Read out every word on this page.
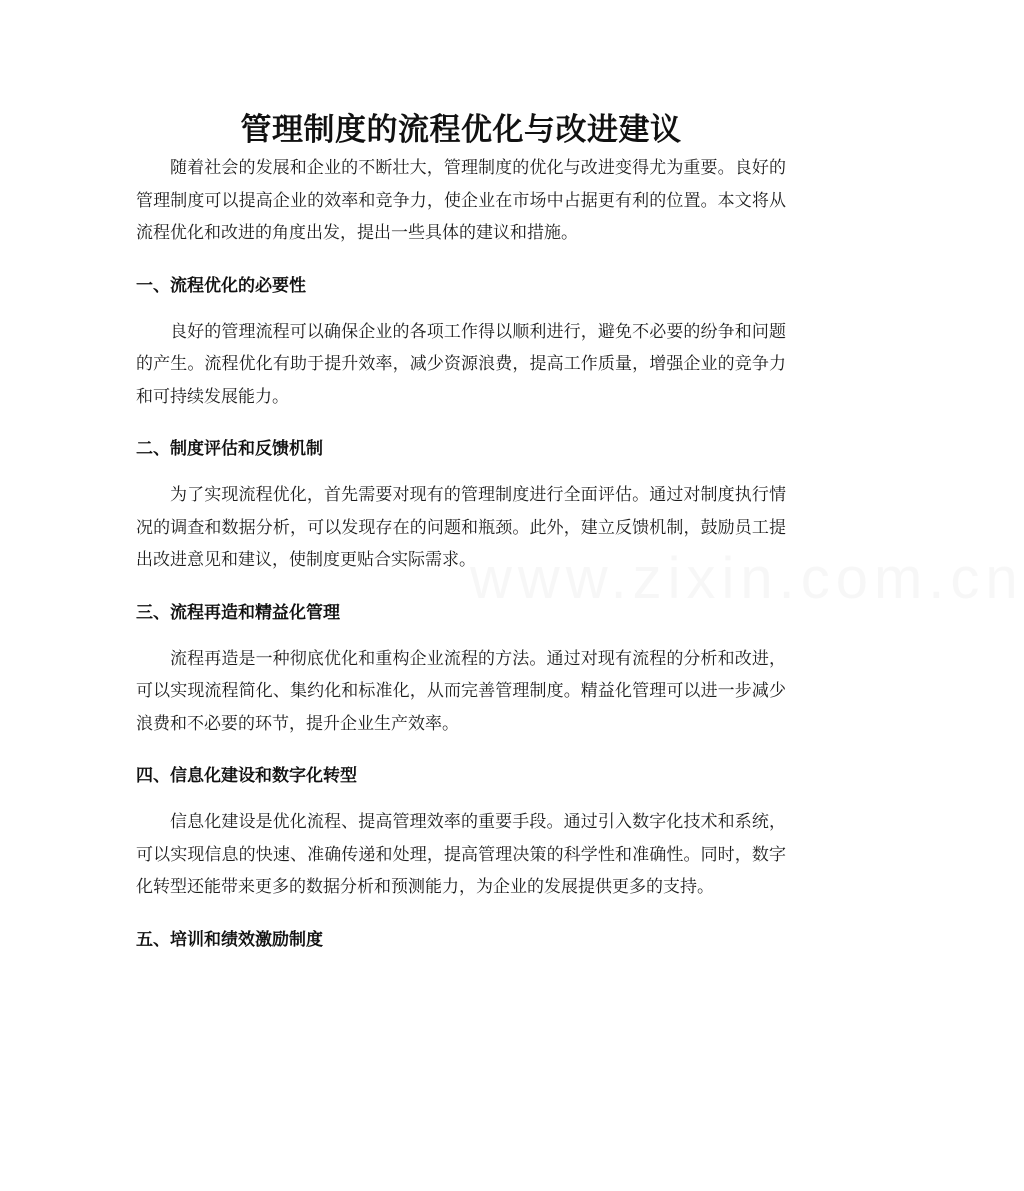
www.zixin.com.cn
管理制度的流程优化与改进建议

随着社会的发展和企业的不断壮大，管理制度的优化与改进变得尤为重要。良好的管理制度可以提高企业的效率和竞争力，使企业在市场中占据更有利的位置。本文将从流程优化和改进的角度出发，提出一些具体的建议和措施。

一、流程优化的必要性

良好的管理流程可以确保企业的各项工作得以顺利进行，避免不必要的纷争和问题的产生。流程优化有助于提升效率，减少资源浪费，提高工作质量，增强企业的竞争力和可持续发展能力。

二、制度评估和反馈机制

为了实现流程优化，首先需要对现有的管理制度进行全面评估。通过对制度执行情况的调查和数据分析，可以发现存在的问题和瓶颈。此外，建立反馈机制，鼓励员工提出改进意见和建议，使制度更贴合实际需求。

三、流程再造和精益化管理

流程再造是一种彻底优化和重构企业流程的方法。通过对现有流程的分析和改进，可以实现流程简化、集约化和标准化，从而完善管理制度。精益化管理可以进一步减少浪费和不必要的环节，提升企业生产效率。

四、信息化建设和数字化转型

信息化建设是优化流程、提高管理效率的重要手段。通过引入数字化技术和系统，可以实现信息的快速、准确传递和处理，提高管理决策的科学性和准确性。同时，数字化转型还能带来更多的数据分析和预测能力，为企业的发展提供更多的支持。

五、培训和绩效激励制度
